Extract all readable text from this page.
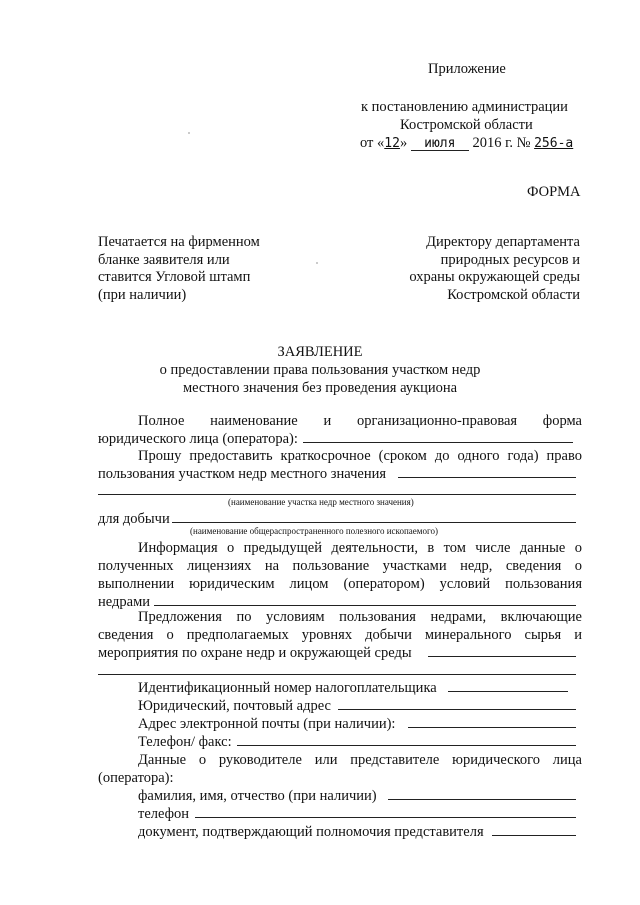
Приложение
к постановлению администрации
Костромской области
от «12» июля 2016 г. № 256-а
ФОРМА
Печатается на фирменном
бланке заявителя или
ставится Угловой штамп
(при наличии)
Директору департамента
природных ресурсов и
охраны окружающей среды
Костромской области
ЗАЯВЛЕНИЕ
о предоставлении права пользования участком недр
местного значения без проведения аукциона
Полное наименование и организационно-правовая форма
юридического лица (оператора):
Прошу предоставить краткосрочное (сроком до одного года) право
пользования участком недр местного значения
(наименование участка недр местного значения)
для добычи
(наименование общераспространенного полезного ископаемого)
Информация о предыдущей деятельности, в том числе данные о
полученных лицензиях на пользование участками недр, сведения о
выполнении юридическим лицом (оператором) условий пользования
недрами
Предложения по условиям пользования недрами, включающие
сведения о предполагаемых уровнях добычи минерального сырья и
мероприятия по охране недр и окружающей среды
Идентификационный номер налогоплательщика
Юридический, почтовый адрес
Адрес электронной почты (при наличии):
Телефон/ факс:
Данные о руководителе или представителе юридического лица
(оператора):
фамилия, имя, отчество (при наличии)
телефон
документ, подтверждающий полномочия представителя
